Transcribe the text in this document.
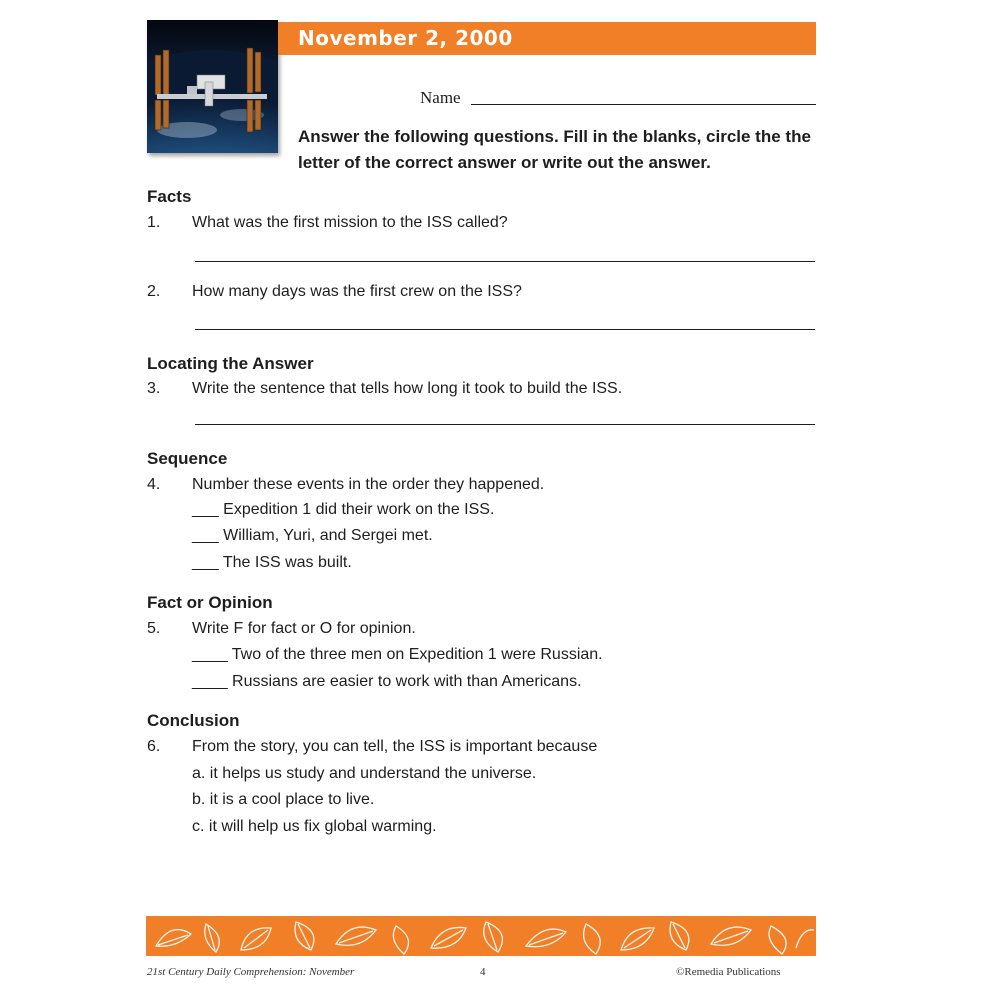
November 2, 2000
Name
Answer the following questions. Fill in the blanks, circle the the letter of the correct answer or write out the answer.
Facts
1. What was the first mission to the ISS called?
2. How many days was the first crew on the ISS?
Locating the Answer
3. Write the sentence that tells how long it took to build the ISS.
Sequence
4. Number these events in the order they happened.
___ Expedition 1 did their work on the ISS.
___ William, Yuri, and Sergei met.
___ The ISS was built.
Fact or Opinion
5. Write F for fact or O for opinion.
____ Two of the three men on Expedition 1 were Russian.
____ Russians are easier to work with than Americans.
Conclusion
6. From the story, you can tell, the ISS is important because
a. it helps us study and understand the universe.
b. it is a cool place to live.
c. it will help us fix global warming.
21st Century Daily Comprehension: November	4	©Remedia Publications
